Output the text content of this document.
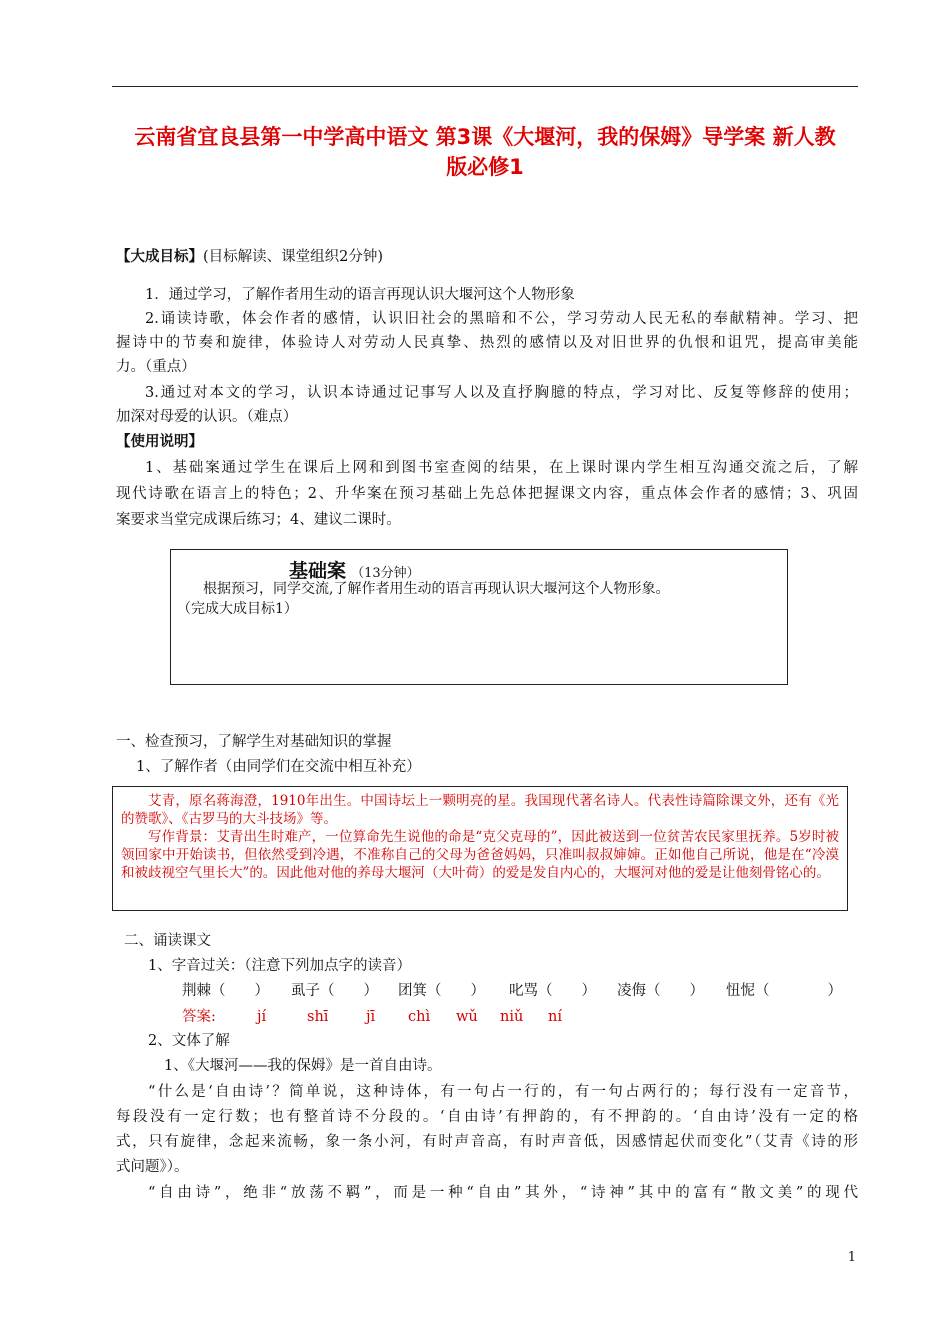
云南省宜良县第一中学高中语文 第3课《大堰河，我的保姆》导学案 新人教
版必修1
【大成目标】(目标解读、课堂组织2分钟)
1．通过学习，了解作者用生动的语言再现认识大堰河这个人物形象
2.诵读诗歌，体会作者的感情，认识旧社会的黑暗和不公，学习劳动人民无私的奉献精神。学习、把
握诗中的节奏和旋律，体验诗人对劳动人民真挚、热烈的感情以及对旧世界的仇恨和诅咒，提高审美能
力。（重点）
3.通过对本文的学习，认识本诗通过记事写人以及直抒胸臆的特点，学习对比、反复等修辞的使用；
加深对母爱的认识。（难点）
【使用说明】
1、基础案通过学生在课后上网和到图书室查阅的结果，在上课时课内学生相互沟通交流之后，了解
现代诗歌在语言上的特色；2、升华案在预习基础上先总体把握课文内容，重点体会作者的感情；3、巩固
案要求当堂完成课后练习；4、建议二课时。
基础案 （13分钟）
根据预习，同学交流,了解作者用生动的语言再现认识大堰河这个人物形象。
（完成大成目标1）
一、检查预习，了解学生对基础知识的掌握
1、了解作者（由同学们在交流中相互补充）

艾青，原名蒋海澄，1910年出生。中国诗坛上一颗明亮的星。我国现代著名诗人。代表性诗篇除课文外，还有《光的赞歌》、《古罗马的大斗技场》等。

写作背景：艾青出生时难产，一位算命先生说他的命是“克父克母的”，因此被送到一位贫苦农民家里抚养。5岁时被领回家中开始读书，但依然受到冷遇，不准称自己的父母为爸爸妈妈，只准叫叔叔婶婶。正如他自己所说，他是在“冷漠和被歧视空气里长大”的。因此他对他的养母大堰河（大叶荷）的爱是发自内心的，大堰河对他的爱是让他刻骨铭心的。

二、诵读课文
1、字音过关：（注意下列加点字的读音）
荆棘（　　） 虱子（　　） 团箕（　　） 叱骂（　　） 凌侮（　　） 忸怩（　　　　）
答案:	jí	shī	jī chì wǔ niǔ ní
2、文体了解
1、《大堰河——我的保姆》是一首自由诗。
“什么是‘自由诗’？简单说，这种诗体，有一句占一行的，有一句占两行的；每行没有一定音节，
每段没有一定行数；也有整首诗不分段的。‘自由诗’有押韵的，有不押韵的。‘自由诗’没有一定的格
式，只有旋律，念起来流畅，象一条小河，有时声音高，有时声音低，因感情起伏而变化”（艾青《诗的形
式问题》）。
“自由诗”，绝非“放荡不羁”，而是一种“自由”其外，“诗神”其中的富有“散文美”的现代
1
